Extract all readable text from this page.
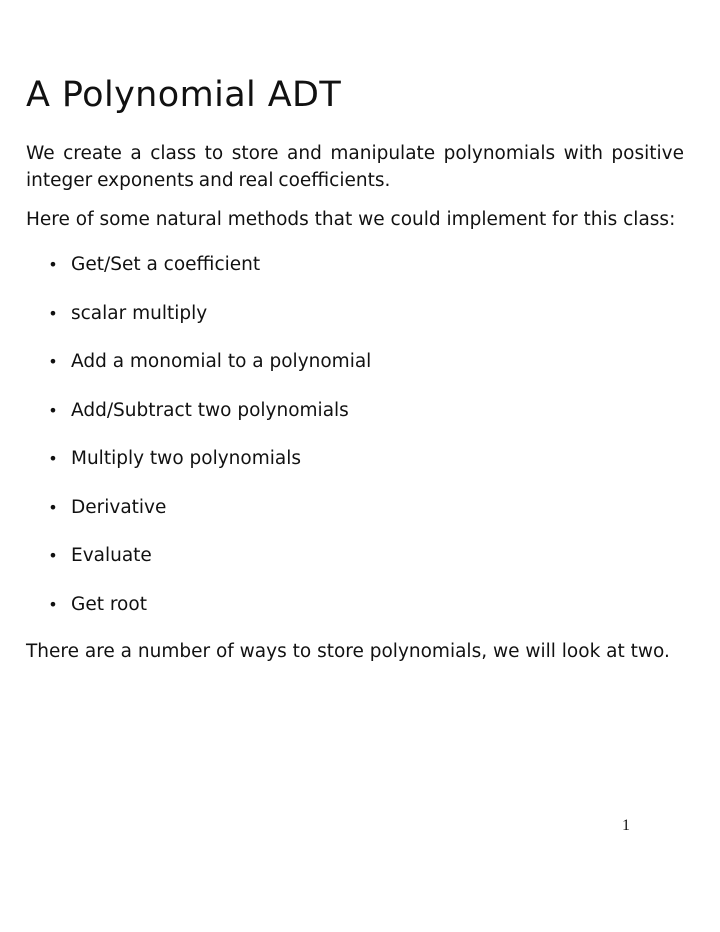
A Polynomial ADT

We create a class to store and manipulate polynomials with positive integer exponents and real coefficients.

Here of some natural methods that we could implement for this class:

• Get/Set a coefficient
• scalar multiply
• Add a monomial to a polynomial
• Add/Subtract two polynomials
• Multiply two polynomials
• Derivative
• Evaluate
• Get root

There are a number of ways to store polynomials, we will look at two.

1
